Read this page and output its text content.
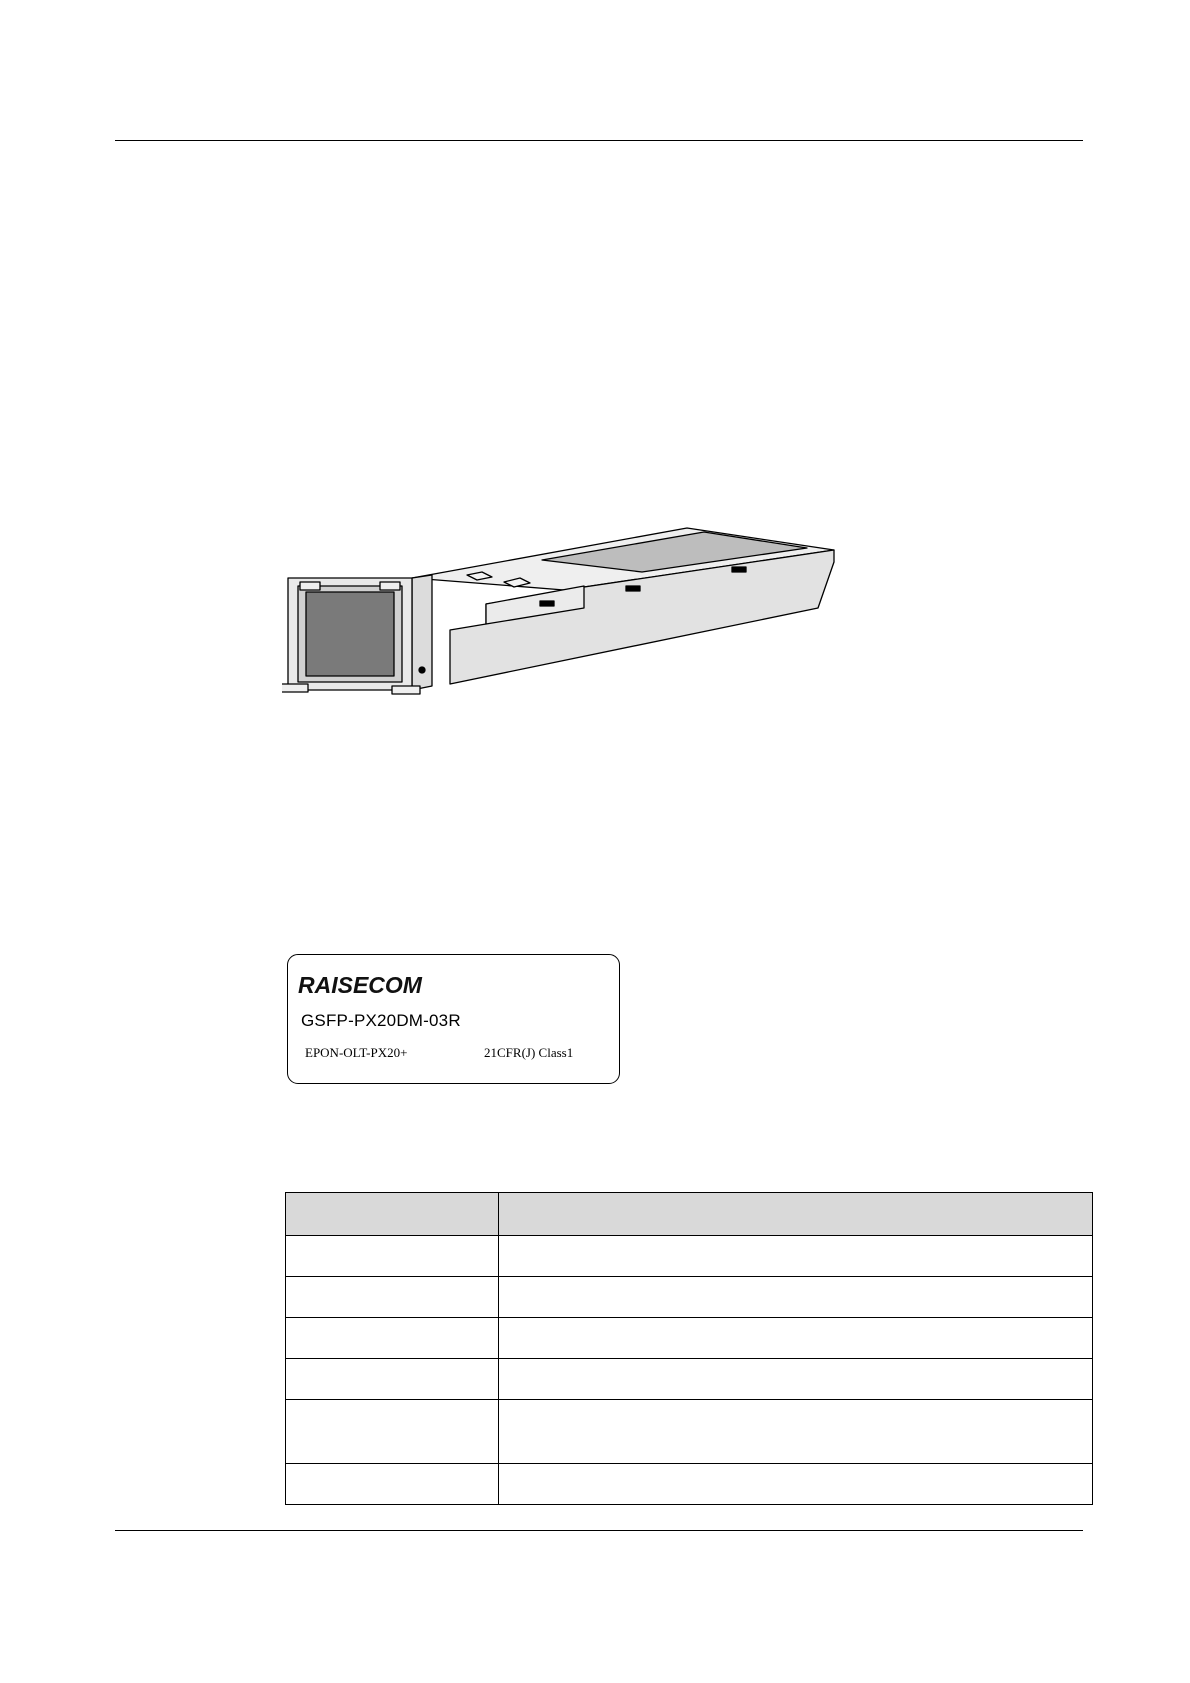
RAISECOM
GSFP-PX20DM-03R
EPON-OLT-PX20+	21CFR(J) Class1
